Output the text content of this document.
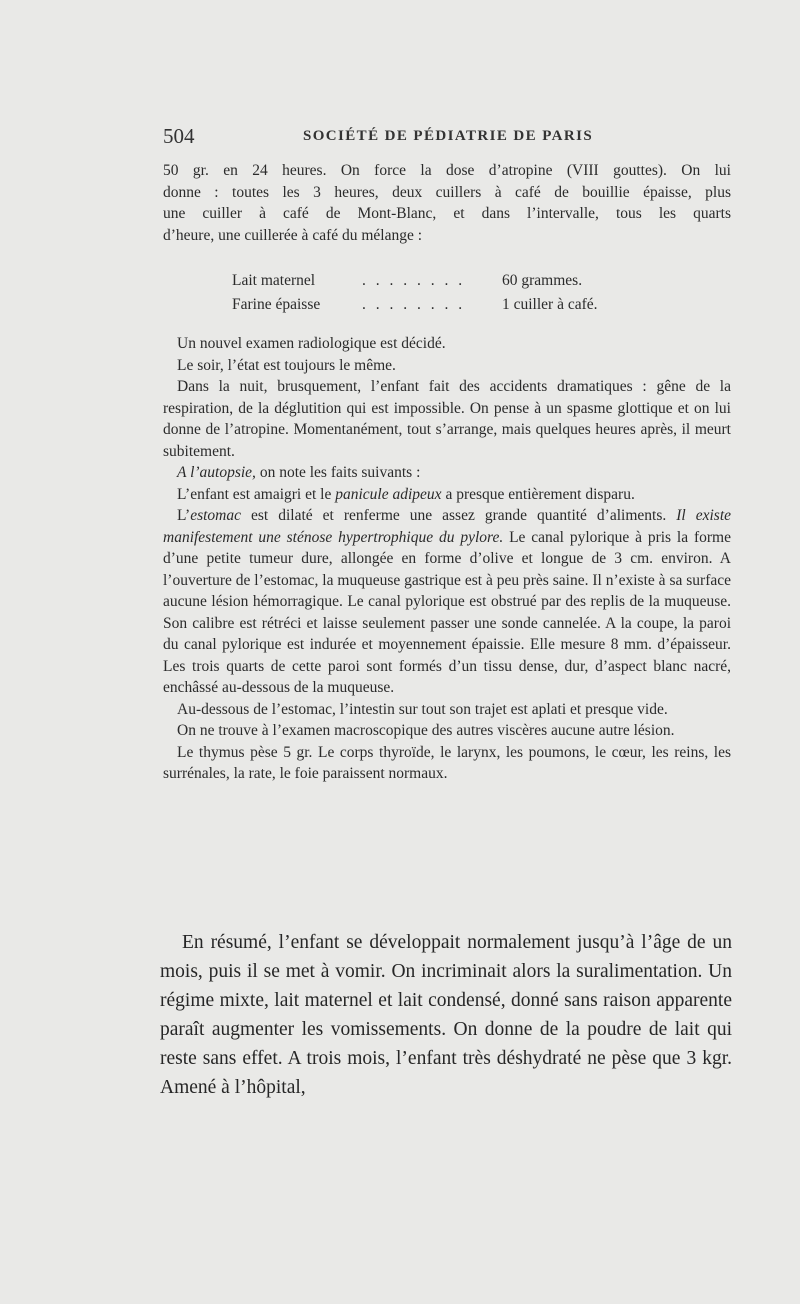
504	SOCIÉTÉ DE PÉDIATRIE DE PARIS

50 gr. en 24 heures. On force la dose d’atropine (VIII gouttes). On lui

donne : toutes les 3 heures, deux cuillers à café de bouillie épaisse, plus

une cuiller à café de Mont-Blanc, et dans l’intervalle, tous les quarts

d’heure, une cuillerée à café du mélange :

Lait maternel	. . . . . . . .	60 grammes.
Farine épaisse	. . . . . . . .	1 cuiller à café.

Un nouvel examen radiologique est décidé.

Le soir, l’état est toujours le même.

Dans la nuit, brusquement, l’enfant fait des accidents dramatiques : gêne de la respiration, de la déglutition qui est impossible. On pense à un spasme glottique et on lui donne de l’atropine. Momentanément, tout s’arrange, mais quelques heures après, il meurt subitement.

A l’autopsie, on note les faits suivants :

L’enfant est amaigri et le panicule adipeux a presque entièrement disparu.

L’estomac est dilaté et renferme une assez grande quantité d’aliments. Il existe manifestement une sténose hypertrophique du pylore. Le canal pylorique à pris la forme d’une petite tumeur dure, allongée en forme d’olive et longue de 3 cm. environ. A l’ouverture de l’estomac, la muqueuse gastrique est à peu près saine. Il n’existe à sa surface aucune lésion hémorragique. Le canal pylorique est obstrué par des replis de la muqueuse. Son calibre est rétréci et laisse seulement passer une sonde cannelée. A la coupe, la paroi du canal pylorique est indurée et moyennement épaissie. Elle mesure 8 mm. d’épaisseur. Les trois quarts de cette paroi sont formés d’un tissu dense, dur, d’aspect blanc nacré, enchâssé au-dessous de la muqueuse.

Au-dessous de l’estomac, l’intestin sur tout son trajet est aplati et presque vide.

On ne trouve à l’examen macroscopique des autres viscères aucune autre lésion.

Le thymus pèse 5 gr. Le corps thyroïde, le larynx, les poumons, le cœur, les reins, les surrénales, la rate, le foie paraissent normaux.

En résumé, l’enfant se développait normalement jusqu’à l’âge de un mois, puis il se met à vomir. On incriminait alors la suralimentation. Un régime mixte, lait maternel et lait condensé, donné sans raison apparente paraît augmenter les vomissements. On donne de la poudre de lait qui reste sans effet. A trois mois, l’enfant très déshydraté ne pèse que 3 kgr. Amené à l’hôpital,
